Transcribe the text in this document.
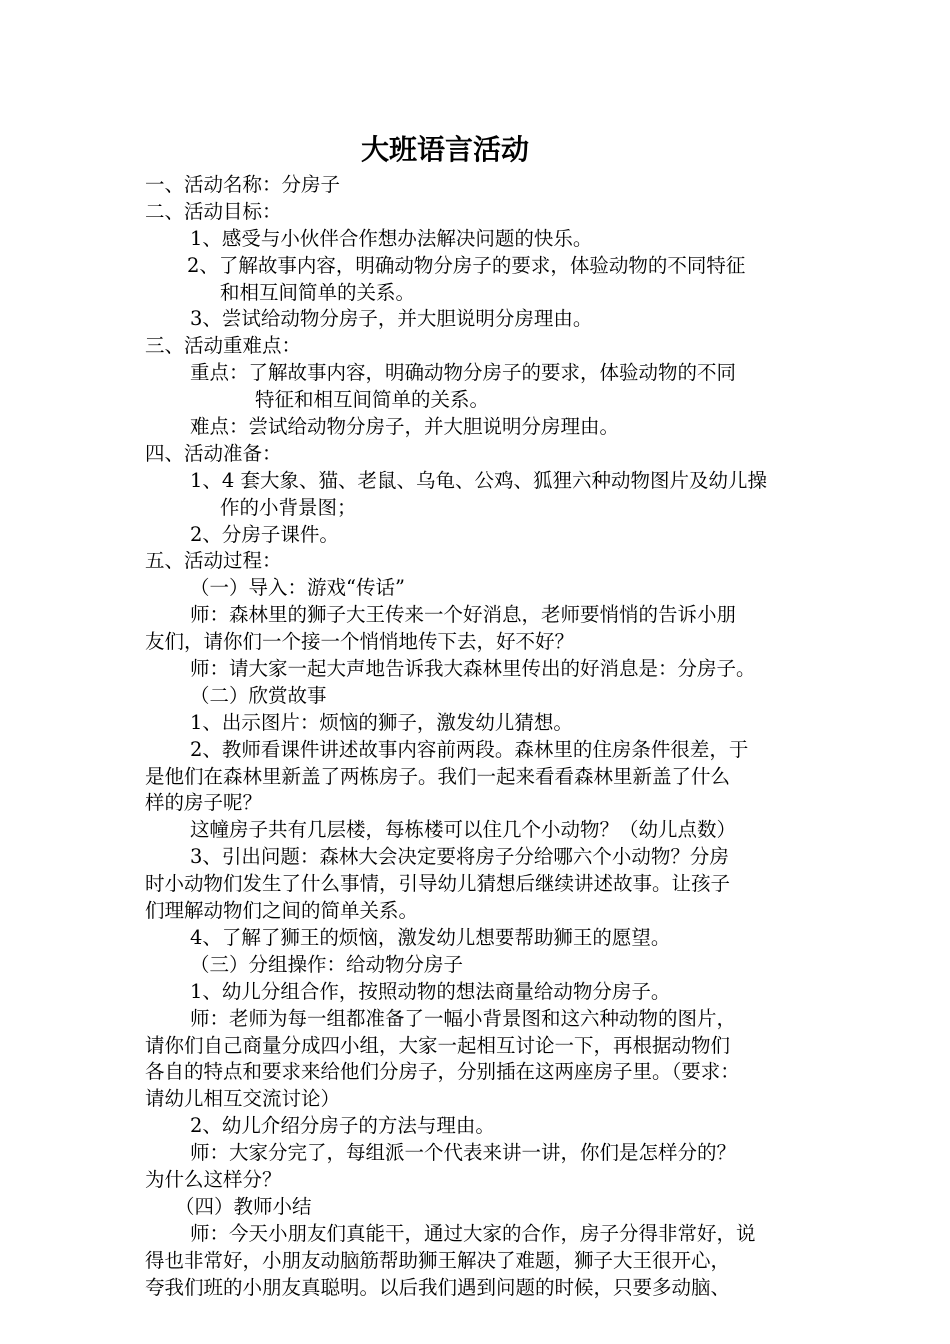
大班语言活动
一、活动名称：分房子
二、活动目标：
1、感受与小伙伴合作想办法解决问题的快乐。
2、了解故事内容，明确动物分房子的要求，体验动物的不同特征
和相互间简单的关系。
3、尝试给动物分房子，并大胆说明分房理由。
三、活动重难点：
重点：了解故事内容，明确动物分房子的要求，体验动物的不同
特征和相互间简单的关系。
难点：尝试给动物分房子，并大胆说明分房理由。
四、活动准备：
1、4 套大象、猫、老鼠、乌龟、公鸡、狐狸六种动物图片及幼儿操
作的小背景图；
2、分房子课件。
五、活动过程：
（一）导入：游戏“传话”
师：森林里的狮子大王传来一个好消息，老师要悄悄的告诉小朋
友们，请你们一个接一个悄悄地传下去，好不好？
师：请大家一起大声地告诉我大森林里传出的好消息是：分房子。
（二）欣赏故事
1、出示图片：烦恼的狮子，激发幼儿猜想。
2、教师看课件讲述故事内容前两段。森林里的住房条件很差，于
是他们在森林里新盖了两栋房子。我们一起来看看森林里新盖了什么
样的房子呢？
这幢房子共有几层楼，每栋楼可以住几个小动物？（幼儿点数）
3、引出问题：森林大会决定要将房子分给哪六个小动物？分房
时小动物们发生了什么事情，引导幼儿猜想后继续讲述故事。让孩子
们理解动物们之间的简单关系。
4、了解了狮王的烦恼，激发幼儿想要帮助狮王的愿望。
（三）分组操作：给动物分房子
1、幼儿分组合作，按照动物的想法商量给动物分房子。
师：老师为每一组都准备了一幅小背景图和这六种动物的图片，
请你们自己商量分成四小组，大家一起相互讨论一下，再根据动物们
各自的特点和要求来给他们分房子，分别插在这两座房子里。（要求：
请幼儿相互交流讨论）
2、幼儿介绍分房子的方法与理由。
师：大家分完了，每组派一个代表来讲一讲，你们是怎样分的？
为什么这样分？
（四）教师小结
师：今天小朋友们真能干，通过大家的合作，房子分得非常好，说
得也非常好，小朋友动脑筋帮助狮王解决了难题，狮子大王很开心，
夸我们班的小朋友真聪明。以后我们遇到问题的时候，只要多动脑、
